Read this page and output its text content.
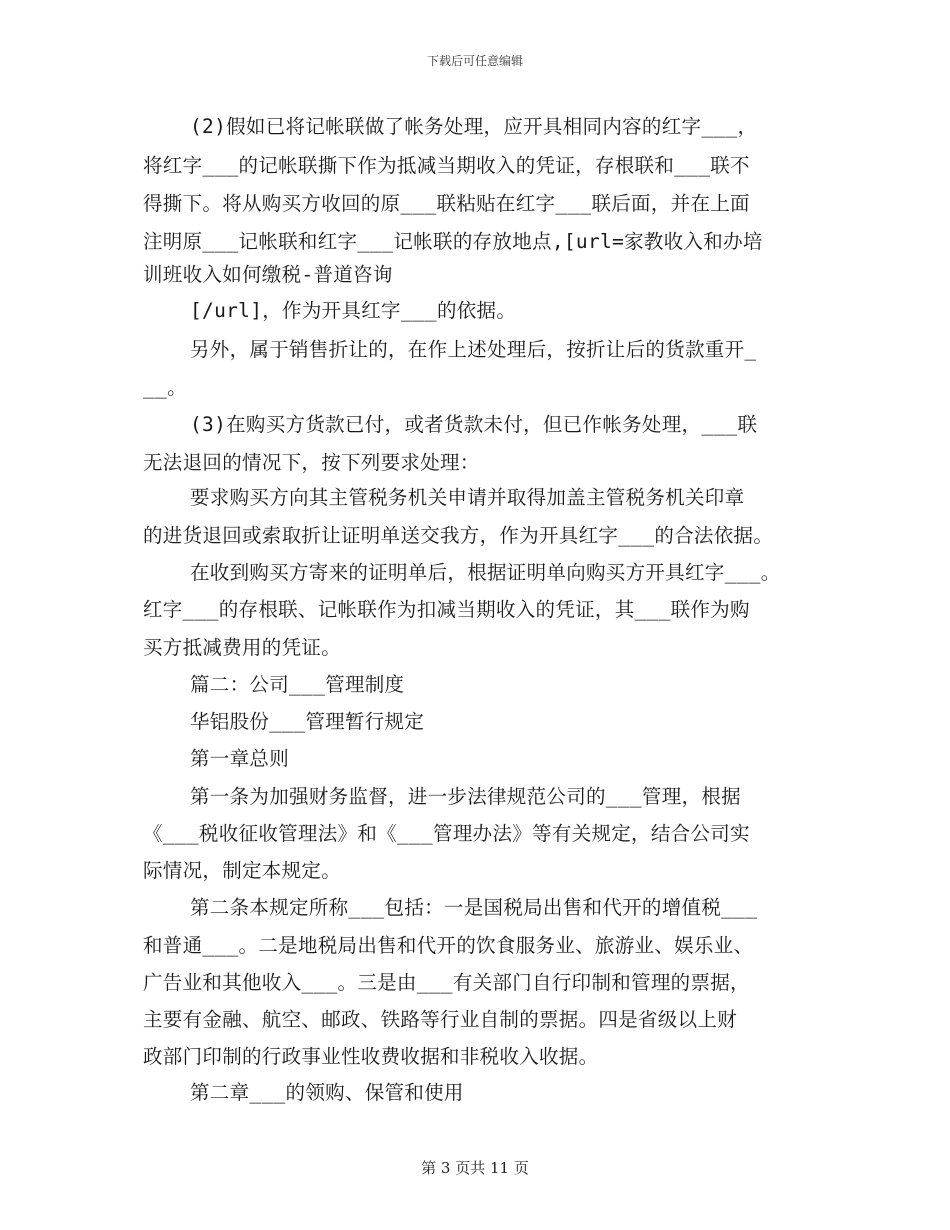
下载后可任意编辑
(2)假如已将记帐联做了帐务处理，应开具相同内容的红字___，
将红字___的记帐联撕下作为抵减当期收入的凭证，存根联和___联不
得撕下。将从购买方收回的原___联粘贴在红字___联后面，并在上面
注明原___记帐联和红字___记帐联的存放地点,[url=家教收入和办培
训班收入如何缴税-普道咨询
[/url]，作为开具红字___的依据。
另外，属于销售折让的，在作上述处理后，按折让后的货款重开_
__。
(3)在购买方货款已付，或者货款未付，但已作帐务处理，___联
无法退回的情况下，按下列要求处理：
要求购买方向其主管税务机关申请并取得加盖主管税务机关印章
的进货退回或索取折让证明单送交我方，作为开具红字___的合法依据。
在收到购买方寄来的证明单后，根据证明单向购买方开具红字___。
红字___的存根联、记帐联作为扣减当期收入的凭证，其___联作为购
买方抵减费用的凭证。
篇二：公司___管理制度
华铝股份___管理暂行规定
第一章总则
第一条为加强财务监督，进一步法律规范公司的___管理，根据
《___税收征收管理法》和《___管理办法》等有关规定，结合公司实
际情况，制定本规定。
第二条本规定所称___包括：一是国税局出售和代开的增值税___
和普通___。二是地税局出售和代开的饮食服务业、旅游业、娱乐业、
广告业和其他收入___。三是由___有关部门自行印制和管理的票据，
主要有金融、航空、邮政、铁路等行业自制的票据。四是省级以上财
政部门印制的行政事业性收费收据和非税收入收据。
第二章___的领购、保管和使用
第 3 页共 11 页
